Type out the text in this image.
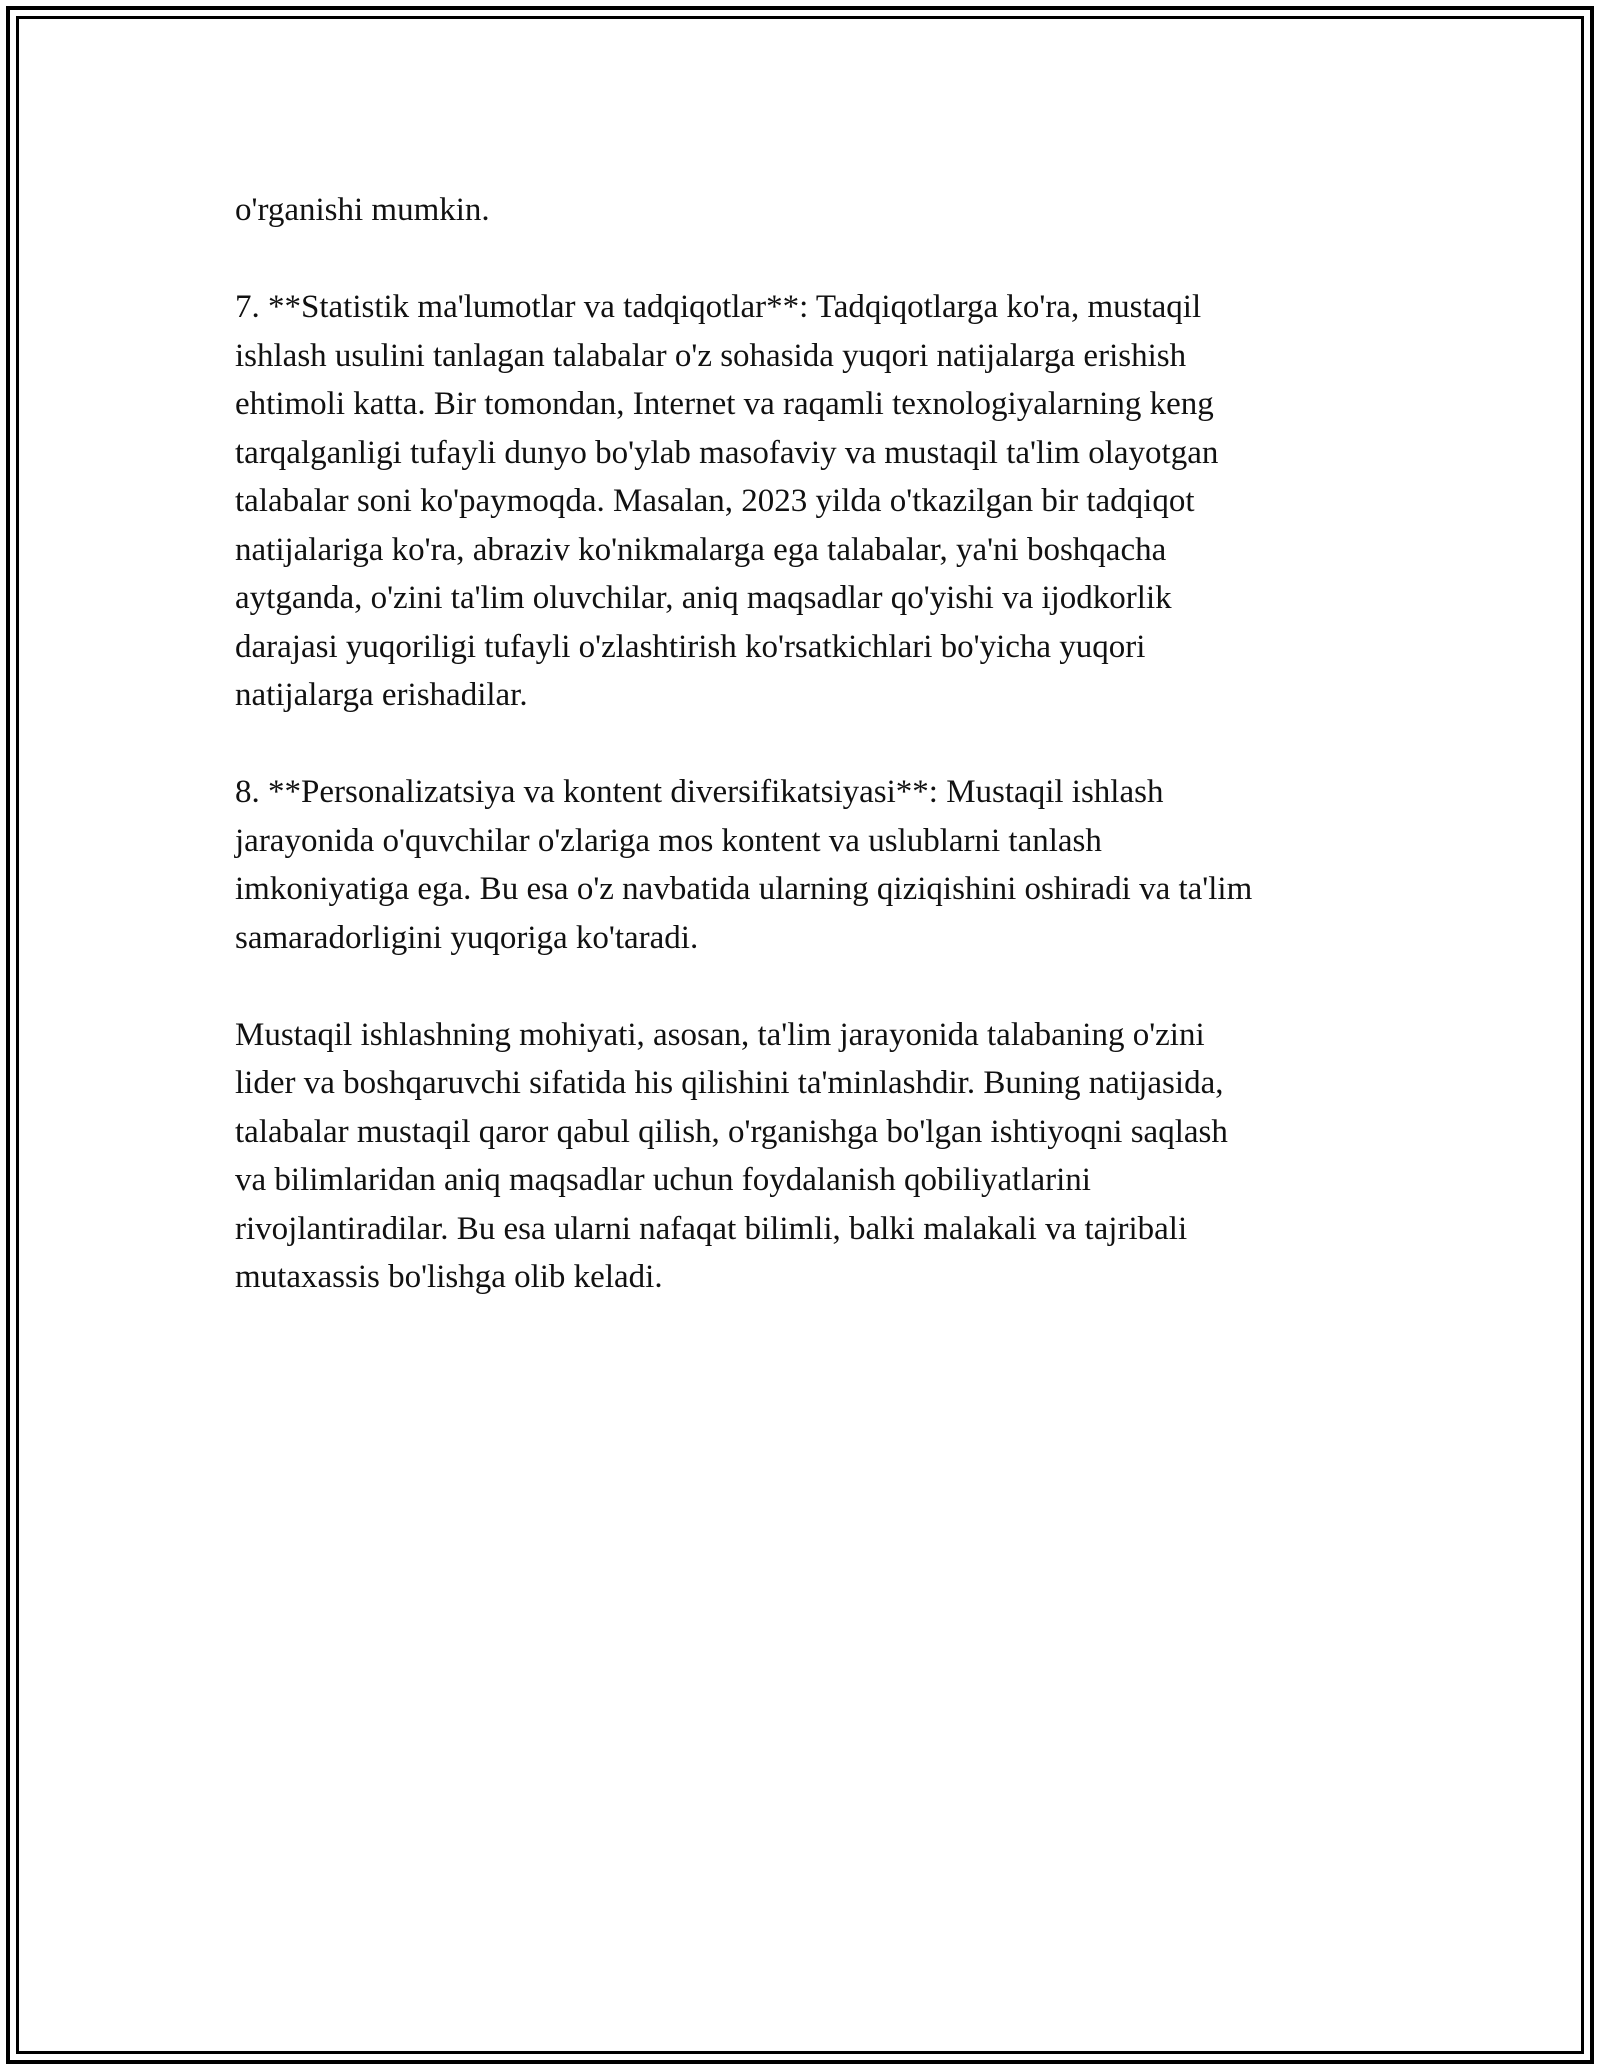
o'rganishi mumkin.

7. **Statistik ma'lumotlar va tadqiqotlar**: Tadqiqotlarga ko'ra, mustaqil
ishlash usulini tanlagan talabalar o'z sohasida yuqori natijalarga erishish
ehtimoli katta. Bir tomondan, Internet va raqamli texnologiyalarning keng
tarqalganligi tufayli dunyo bo'ylab masofaviy va mustaqil ta'lim olayotgan
talabalar soni ko'paymoqda. Masalan, 2023 yilda o'tkazilgan bir tadqiqot
natijalariga ko'ra, abraziv ko'nikmalarga ega talabalar, ya'ni boshqacha
aytganda, o'zini ta'lim oluvchilar, aniq maqsadlar qo'yishi va ijodkorlik
darajasi yuqoriligi tufayli o'zlashtirish ko'rsatkichlari bo'yicha yuqori
natijalarga erishadilar.

8. **Personalizatsiya va kontent diversifikatsiyasi**: Mustaqil ishlash
jarayonida o'quvchilar o'zlariga mos kontent va uslublarni tanlash
imkoniyatiga ega. Bu esa o'z navbatida ularning qiziqishini oshiradi va ta'lim
samaradorligini yuqoriga ko'taradi.

Mustaqil ishlashning mohiyati, asosan, ta'lim jarayonida talabaning o'zini
lider va boshqaruvchi sifatida his qilishini ta'minlashdir. Buning natijasida,
talabalar mustaqil qaror qabul qilish, o'rganishga bo'lgan ishtiyoqni saqlash
va bilimlaridan aniq maqsadlar uchun foydalanish qobiliyatlarini
rivojlantiradilar. Bu esa ularni nafaqat bilimli, balki malakali va tajribali
mutaxassis bo'lishga olib keladi.
